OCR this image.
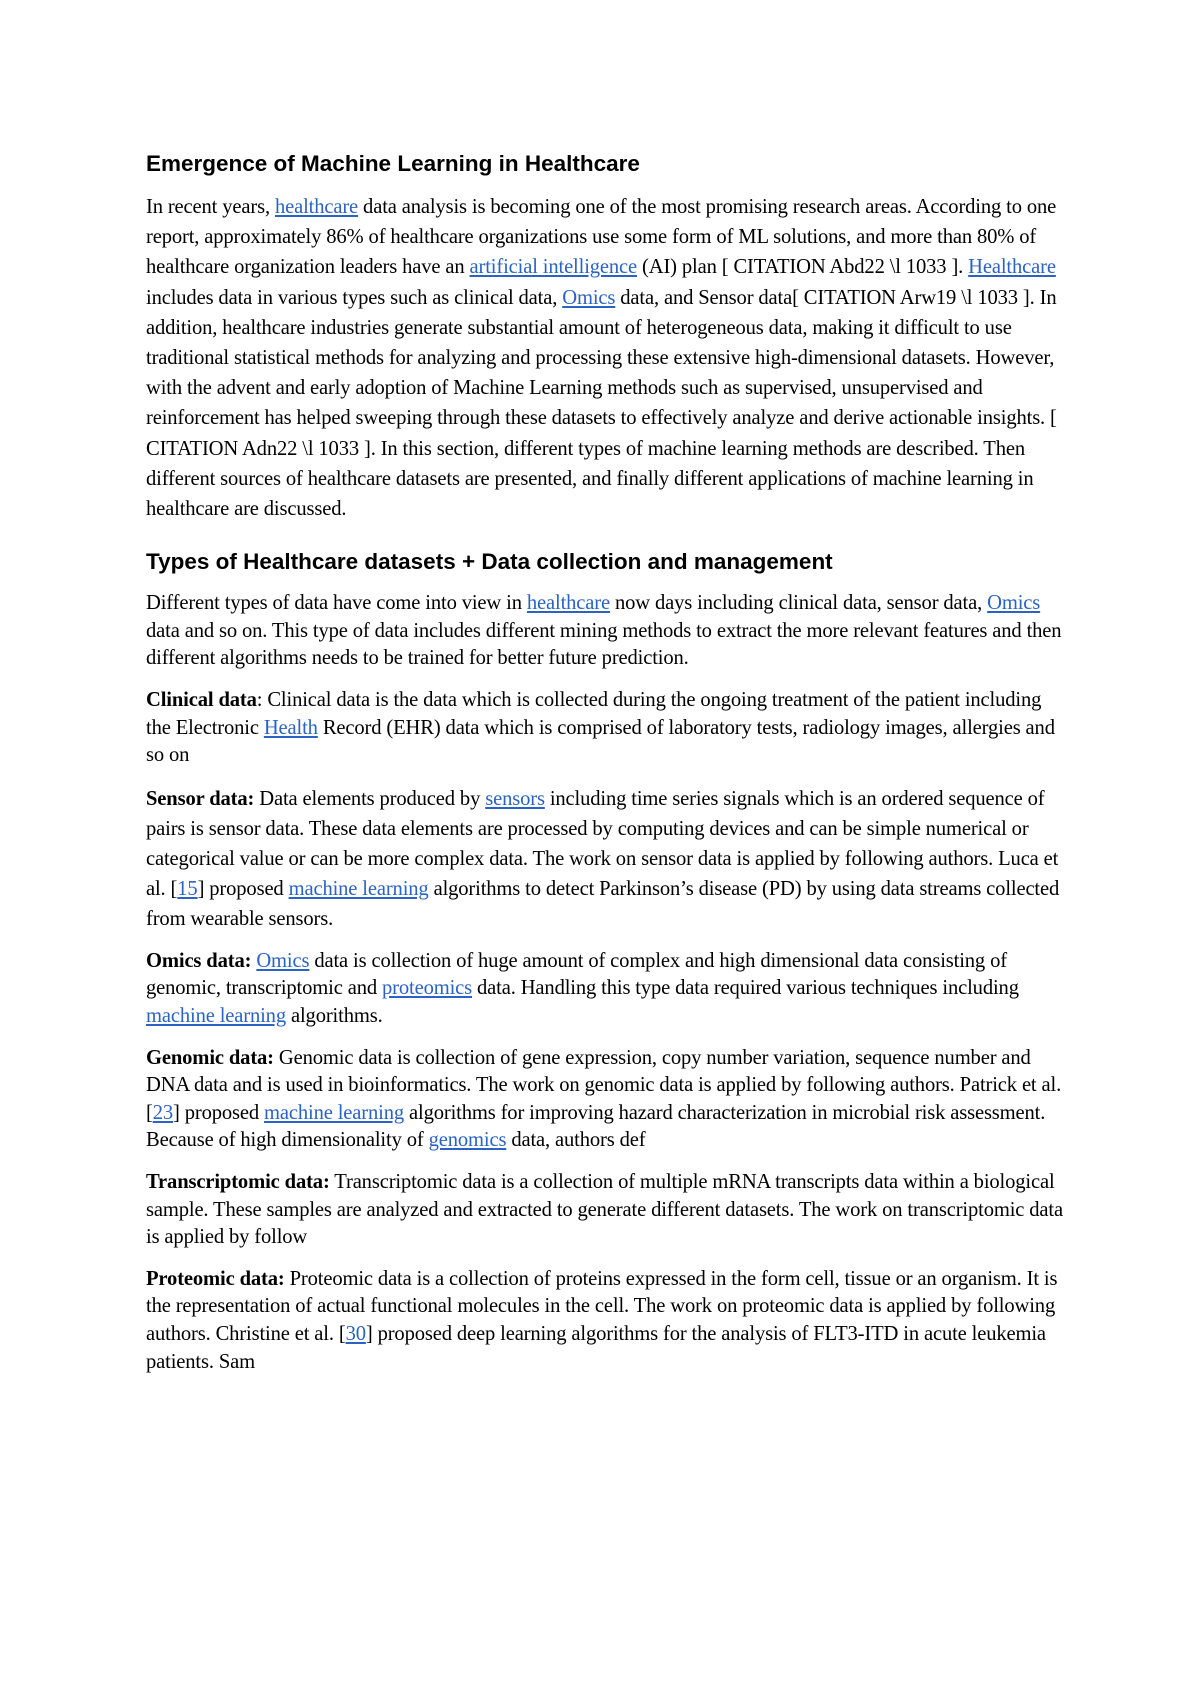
Emergence of Machine Learning in Healthcare

In recent years, healthcare data analysis is becoming one of the most promising research areas. According to one report, approximately 86% of healthcare organizations use some form of ML solutions, and more than 80% of healthcare organization leaders have an artificial intelligence (AI) plan [ CITATION Abd22 \l 1033 ]. Healthcare includes data in various types such as clinical data, Omics data, and Sensor data[ CITATION Arw19 \l 1033 ]. In addition, healthcare industries generate substantial amount of heterogeneous data, making it difficult to use traditional statistical methods for analyzing and processing these extensive high-dimensional datasets. However, with the advent and early adoption of Machine Learning methods such as supervised, unsupervised and reinforcement has helped sweeping through these datasets to effectively analyze and derive actionable insights. [ CITATION Adn22 \l 1033 ]. In this section, different types of machine learning methods are described. Then different sources of healthcare datasets are presented, and finally different applications of machine learning in healthcare are discussed.

Types of Healthcare datasets + Data collection and management

Different types of data have come into view in healthcare now days including clinical data, sensor data, Omics data and so on. This type of data includes different mining methods to extract the more relevant features and then different algorithms needs to be trained for better future prediction.

Clinical data: Clinical data is the data which is collected during the ongoing treatment of the patient including the Electronic Health Record (EHR) data which is comprised of laboratory tests, radiology images, allergies and so on

Sensor data: Data elements produced by sensors including time series signals which is an ordered sequence of pairs is sensor data. These data elements are processed by computing devices and can be simple numerical or categorical value or can be more complex data. The work on sensor data is applied by following authors. Luca et al. [15] proposed machine learning algorithms to detect Parkinson’s disease (PD) by using data streams collected from wearable sensors.

Omics data: Omics data is collection of huge amount of complex and high dimensional data consisting of genomic, transcriptomic and proteomics data. Handling this type data required various techniques including machine learning algorithms.

Genomic data: Genomic data is collection of gene expression, copy number variation, sequence number and DNA data and is used in bioinformatics. The work on genomic data is applied by following authors. Patrick et al. [23] proposed machine learning algorithms for improving hazard characterization in microbial risk assessment. Because of high dimensionality of genomics data, authors def

Transcriptomic data: Transcriptomic data is a collection of multiple mRNA transcripts data within a biological sample. These samples are analyzed and extracted to generate different datasets. The work on transcriptomic data is applied by follow

Proteomic data: Proteomic data is a collection of proteins expressed in the form cell, tissue or an organism. It is the representation of actual functional molecules in the cell. The work on proteomic data is applied by following authors. Christine et al. [30] proposed deep learning algorithms for the analysis of FLT3-ITD in acute leukemia patients. Sam
